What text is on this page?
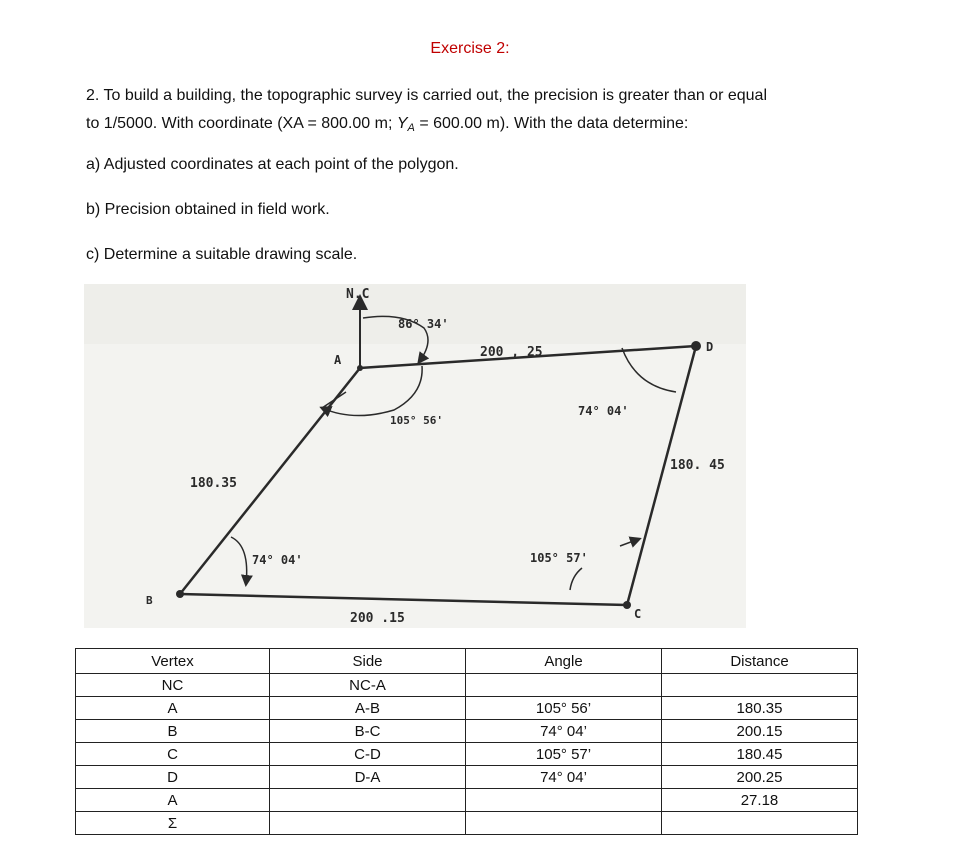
Exercise 2:
2. To build a building, the topographic survey is carried out, the precision is greater than or equal
to 1/5000. With coordinate (XA = 800.00 m; $Y_A = 600.00$ m). With the data determine:
a) Adjusted coordinates at each point of the polygon.
b) Precision obtained in field work.
c) Determine a suitable drawing scale.
N.C
86° 34'
A
B
C
D
200 , 25
180.35
200 .15
180. 45
105° 56'
74° 04'	105° 57'
74° 04'
Vertex	Side	Angle	Distance
NC	NC-A		
A	A-B	105° 56’	180.35
B	B-C	74° 04’	200.15
C	C-D	105° 57’	180.45
D	D-A	74° 04’	200.25
A			27.18
Σ			
